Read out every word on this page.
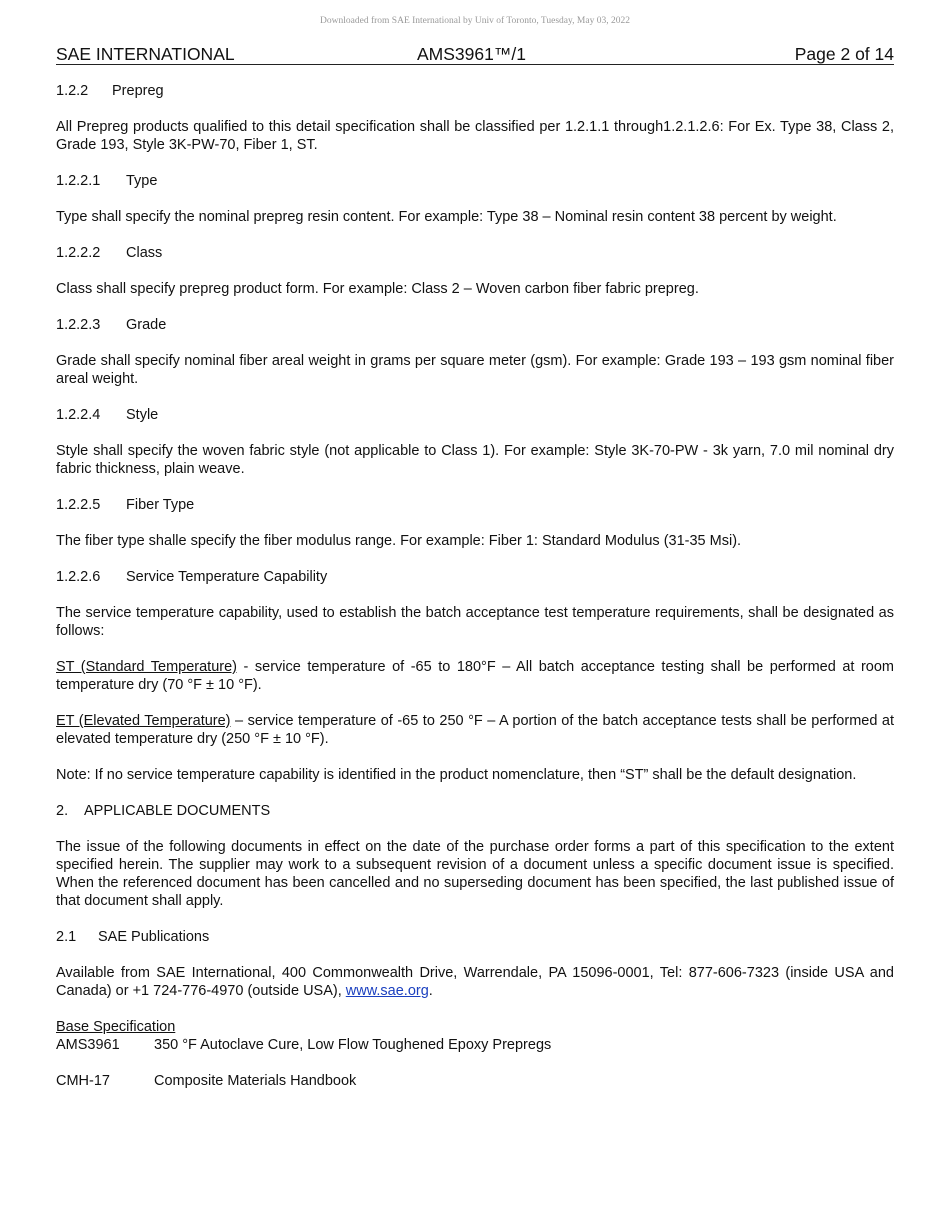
Downloaded from SAE International by Univ of Toronto, Tuesday, May 03, 2022
SAE INTERNATIONAL	AMS3961™/1	Page 2 of 14
1.2.2 Prepreg

All Prepreg products qualified to this detail specification shall be classified per 1.2.1.1 through1.2.1.2.6: For Ex. Type 38, Class 2, Grade 193, Style 3K-PW-70, Fiber 1, ST.

1.2.2.1 Type

Type shall specify the nominal prepreg resin content. For example: Type 38 – Nominal resin content 38 percent by weight.

1.2.2.2 Class

Class shall specify prepreg product form. For example: Class 2 – Woven carbon fiber fabric prepreg.

1.2.2.3 Grade

Grade shall specify nominal fiber areal weight in grams per square meter (gsm). For example: Grade 193 – 193 gsm nominal fiber areal weight.

1.2.2.4 Style

Style shall specify the woven fabric style (not applicable to Class 1). For example: Style 3K-70-PW - 3k yarn, 7.0 mil nominal dry fabric thickness, plain weave.

1.2.2.5 Fiber Type

The fiber type shalle specify the fiber modulus range. For example: Fiber 1: Standard Modulus (31-35 Msi).

1.2.2.6 Service Temperature Capability

The service temperature capability, used to establish the batch acceptance test temperature requirements, shall be designated as follows:

ST (Standard Temperature) - service temperature of -65 to 180°F – All batch acceptance testing shall be performed at room temperature dry (70 °F ± 10 °F).

ET (Elevated Temperature) – service temperature of -65 to 250 °F – A portion of the batch acceptance tests shall be performed at elevated temperature dry (250 °F ± 10 °F).

Note: If no service temperature capability is identified in the product nomenclature, then “ST” shall be the default designation.

2. APPLICABLE DOCUMENTS

The issue of the following documents in effect on the date of the purchase order forms a part of this specification to the extent specified herein. The supplier may work to a subsequent revision of a document unless a specific document issue is specified. When the referenced document has been cancelled and no superseding document has been specified, the last published issue of that document shall apply.

2.1 SAE Publications

Available from SAE International, 400 Commonwealth Drive, Warrendale, PA 15096-0001, Tel: 877-606-7323 (inside USA and Canada) or +1 724-776-4970 (outside USA), www.sae.org.

Base Specification
AMS3961	350 °F Autoclave Cure, Low Flow Toughened Epoxy Prepregs
CMH-17	Composite Materials Handbook
